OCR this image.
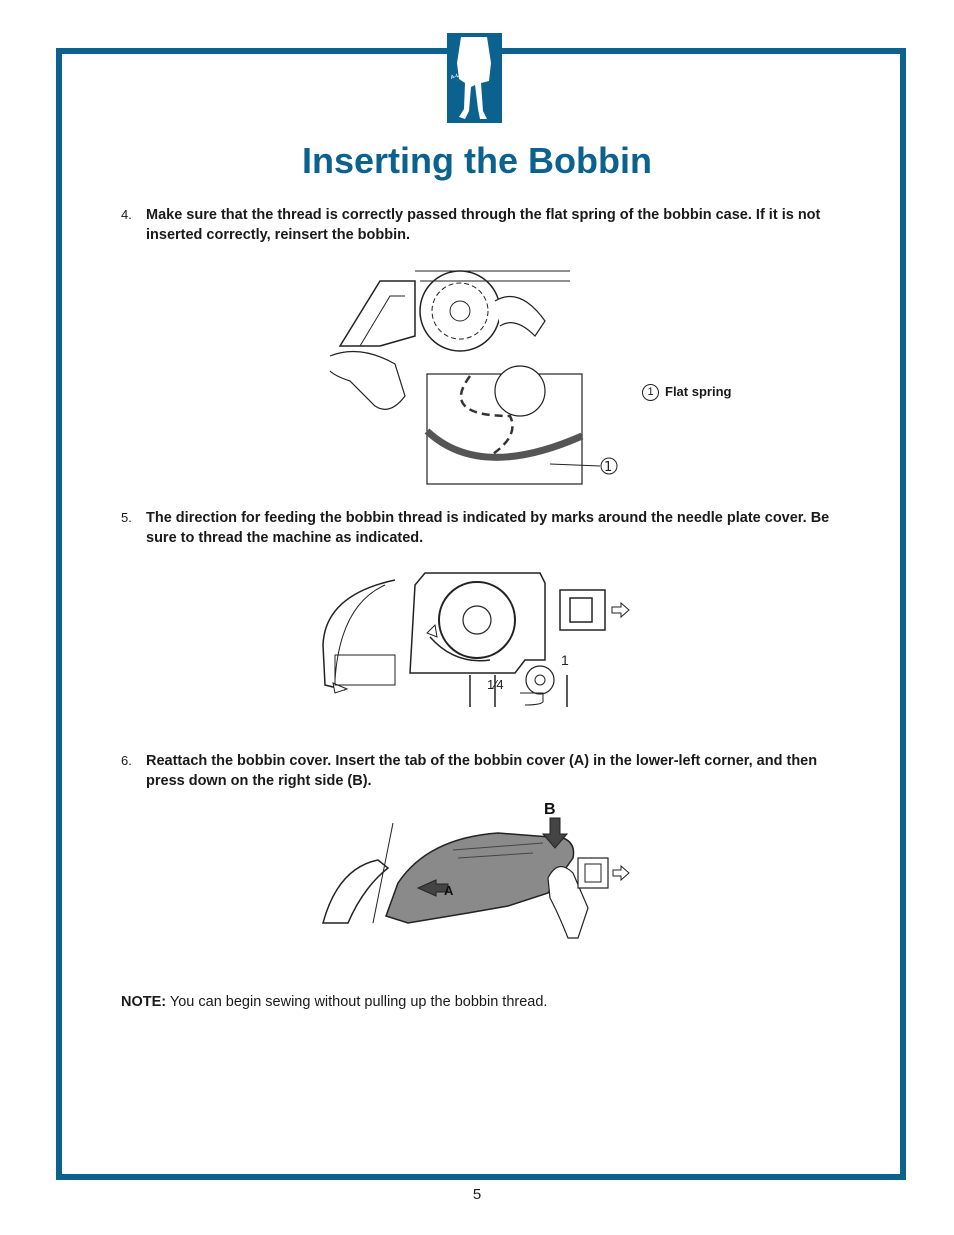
A-LINE SERIES
Inserting the Bobbin
4. Make sure that the thread is correctly passed through the flat spring of the bobbin case. If it is not inserted correctly, reinsert the bobbin.
1
1 Flat spring
5. The direction for feeding the bobbin thread is indicated by marks around the needle plate cover. Be sure to thread the machine as indicated.
1⁄4
1
6. Reattach the bobbin cover. Insert the tab of the bobbin cover (A) in the lower-left corner, and then press down on the right side (B).
A
B
NOTE: You can begin sewing without pulling up the bobbin thread.
5
